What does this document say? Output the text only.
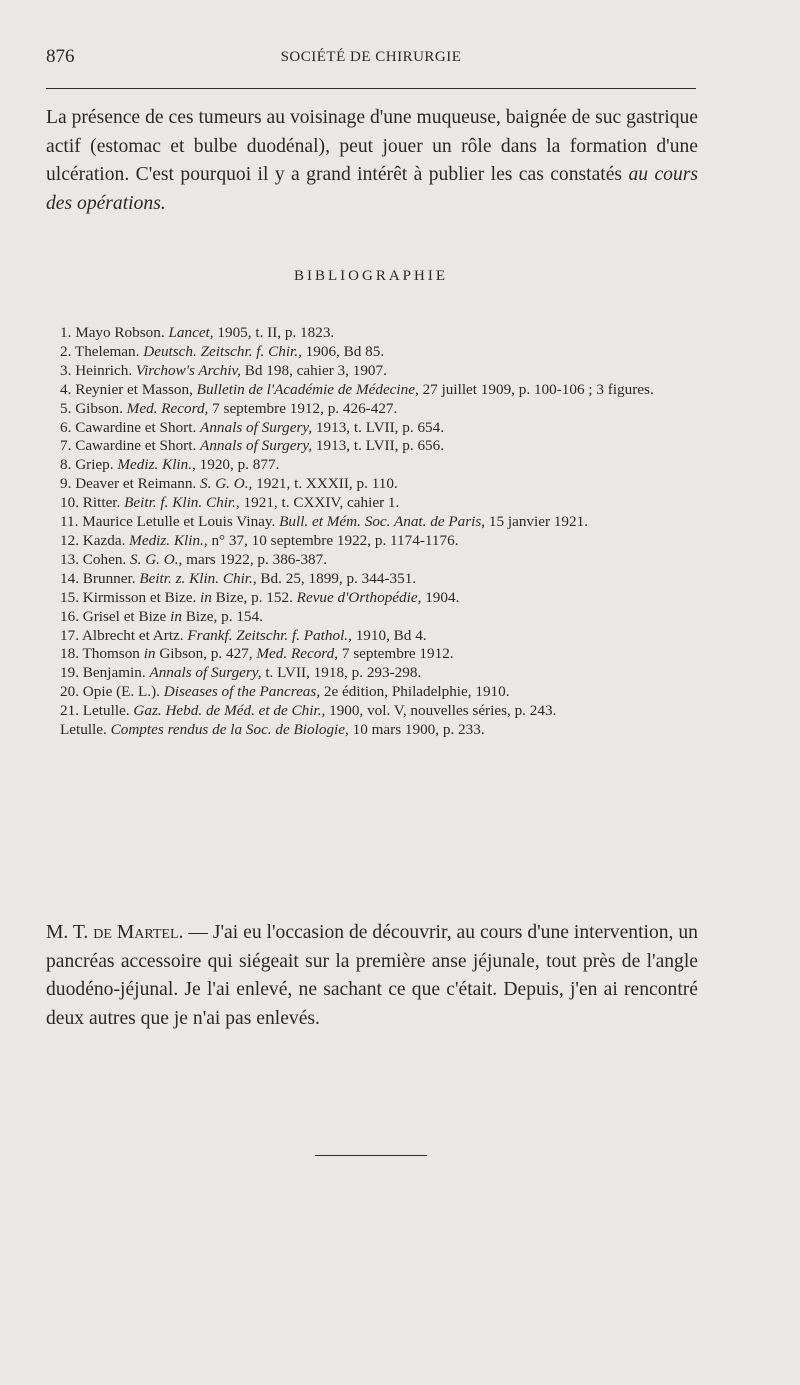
876	SOCIÉTÉ DE CHIRURGIE

La présence de ces tumeurs au voisinage d'une muqueuse, baignée de suc gastrique actif (estomac et bulbe duodénal), peut jouer un rôle dans la formation d'une ulcération. C'est pourquoi il y a grand intérêt à publier les cas constatés au cours des opérations.

BIBLIOGRAPHIE

1. Mayo Robson. Lancet, 1905, t. II, p. 1823.

2. Theleman. Deutsch. Zeitschr. f. Chir., 1906, Bd 85.

3. Heinrich. Virchow's Archiv, Bd 198, cahier 3, 1907.

4. Reynier et Masson, Bulletin de l'Académie de Médecine, 27 juillet 1909, p. 100-106 ; 3 figures.

5. Gibson. Med. Record, 7 septembre 1912, p. 426-427.

6. Cawardine et Short. Annals of Surgery, 1913, t. LVII, p. 654.

7. Cawardine et Short. Annals of Surgery, 1913, t. LVII, p. 656.

8. Griep. Mediz. Klin., 1920, p. 877.

9. Deaver et Reimann. S. G. O., 1921, t. XXXII, p. 110.

10. Ritter. Beitr. f. Klin. Chir., 1921, t. CXXIV, cahier 1.

11. Maurice Letulle et Louis Vinay. Bull. et Mém. Soc. Anat. de Paris, 15 janvier 1921.

12. Kazda. Mediz. Klin., n° 37, 10 septembre 1922, p. 1174-1176.

13. Cohen. S. G. O., mars 1922, p. 386-387.

14. Brunner. Beitr. z. Klin. Chir., Bd. 25, 1899, p. 344-351.

15. Kirmisson et Bize. in Bize, p. 152. Revue d'Orthopédie, 1904.

16. Grisel et Bize in Bize, p. 154.

17. Albrecht et Artz. Frankf. Zeitschr. f. Pathol., 1910, Bd 4.

18. Thomson in Gibson, p. 427, Med. Record, 7 septembre 1912.

19. Benjamin. Annals of Surgery, t. LVII, 1918, p. 293-298.

20. Opie (E. L.). Diseases of the Pancreas, 2e édition, Philadelphie, 1910.

21. Letulle. Gaz. Hebd. de Méd. et de Chir., 1900, vol. V, nouvelles séries, p. 243.

Letulle. Comptes rendus de la Soc. de Biologie, 10 mars 1900, p. 233.

M. T. de Martel. — J'ai eu l'occasion de découvrir, au cours d'une intervention, un pancréas accessoire qui siégeait sur la première anse jéjunale, tout près de l'angle duodéno-jéjunal. Je l'ai enlevé, ne sachant ce que c'était. Depuis, j'en ai rencontré deux autres que je n'ai pas enlevés.
